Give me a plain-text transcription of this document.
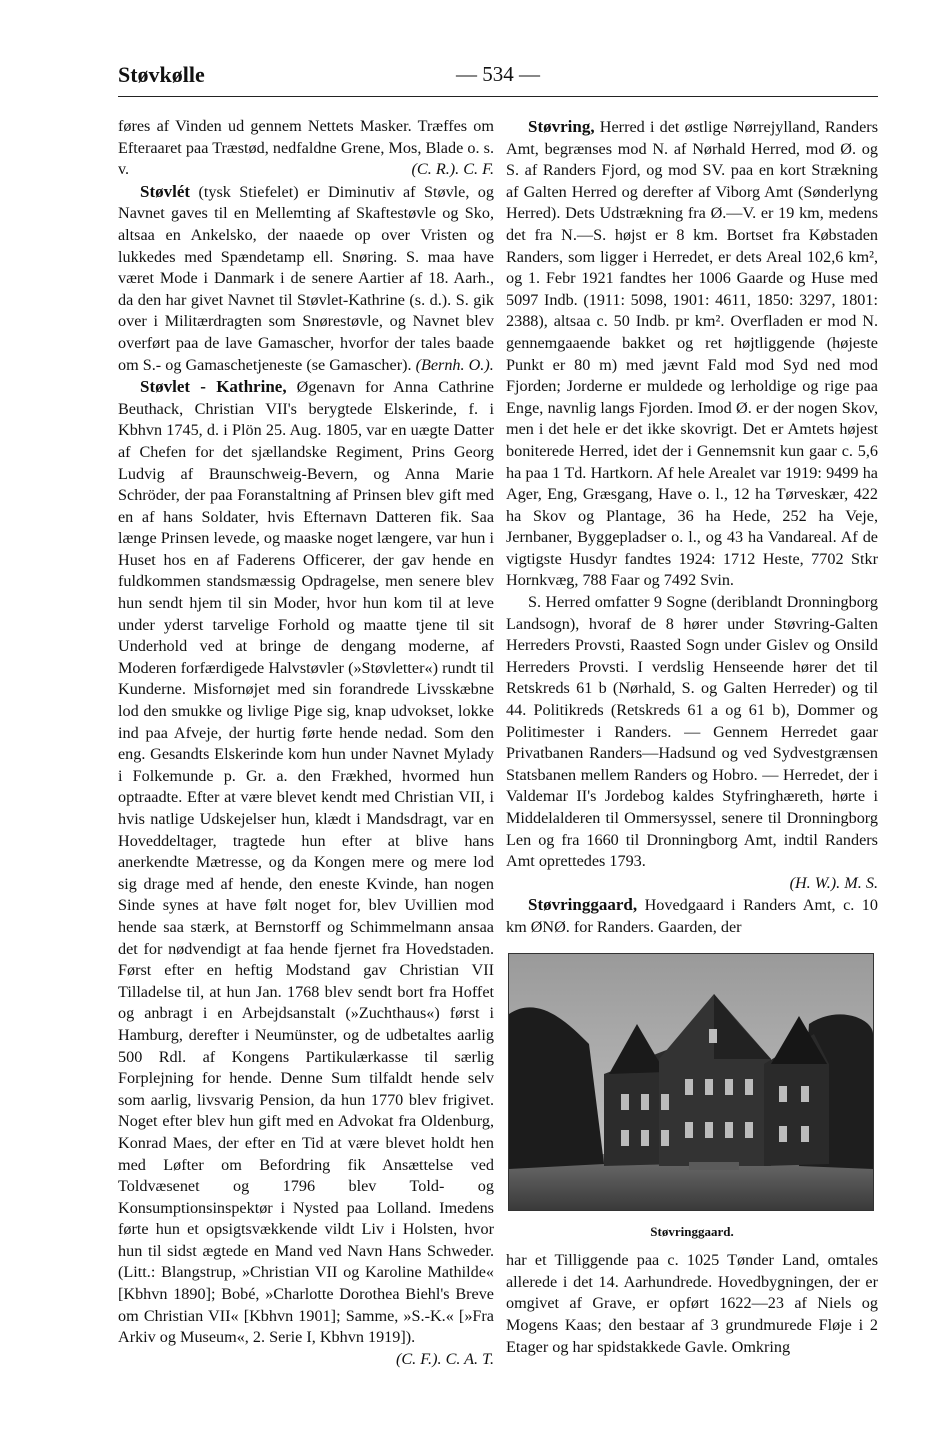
Støvkølle	— 534 —

føres af Vinden ud gennem Nettets Masker. Træffes om Efteraaret paa Træstød, nedfaldne Grene, Mos, Blade o. s. v.	(C. R.). C. F.

Støvlét (tysk Stiefelet) er Diminutiv af Støvle, og Navnet gaves til en Mellemting af Skaftestøvle og Sko, altsaa en Ankelsko, der naaede op over Vristen og lukkedes med Spændetamp ell. Snøring. S. maa have været Mode i Danmark i de senere Aartier af 18. Aarh., da den har givet Navnet til Støvlet-Kathrine (s. d.). S. gik over i Militærdragten som Snørestøvle, og Navnet blev overført paa de lave Gamascher, hvorfor der tales baade om S.- og Gamaschetjeneste (se Gamascher). (Bernh. O.).

Støvlet - Kathrine, Øgenavn for Anna Cathrine Beuthack, Christian VII's berygtede Elskerinde, f. i Kbhvn 1745, d. i Plön 25. Aug. 1805, var en uægte Datter af Chefen for det sjællandske Regiment, Prins Georg Ludvig af Braunschweig-Bevern, og Anna Marie Schröder, der paa Foranstaltning af Prinsen blev gift med en af hans Soldater, hvis Efternavn Datteren fik. Saa længe Prinsen levede, og maaske noget længere, var hun i Huset hos en af Faderens Officerer, der gav hende en fuldkommen standsmæssig Opdragelse, men senere blev hun sendt hjem til sin Moder, hvor hun kom til at leve under yderst tarvelige Forhold og maatte tjene til sit Underhold ved at bringe de dengang moderne, af Moderen forfærdigede Halvstøvler (»Støvletter«) rundt til Kunderne. Misfornøjet med sin forandrede Livsskæbne lod den smukke og livlige Pige sig, knap udvokset, lokke ind paa Afveje, der hurtig førte hende nedad. Som den eng. Gesandts Elskerinde kom hun under Navnet Mylady i Folkemunde p. Gr. a. den Frækhed, hvormed hun optraadte. Efter at være blevet kendt med Christian VII, i hvis natlige Udskejelser hun, klædt i Mandsdragt, var en Hoveddeltager, tragtede hun efter at blive hans anerkendte Mætresse, og da Kongen mere og mere lod sig drage med af hende, den eneste Kvinde, han nogen Sinde synes at have følt noget for, blev Uvillien mod hende saa stærk, at Bernstorff og Schimmelmann ansaa det for nødvendigt at faa hende fjernet fra Hovedstaden. Først efter en heftig Modstand gav Christian VII Tilladelse til, at hun Jan. 1768 blev sendt bort fra Hoffet og anbragt i en Arbejdsanstalt (»Zuchthaus«) først i Hamburg, derefter i Neumünster, og de udbetaltes aarlig 500 Rdl. af Kongens Partikulærkasse til særlig Forplejning for hende. Denne Sum tilfaldt hende selv som aarlig, livsvarig Pension, da hun 1770 blev frigivet. Noget efter blev hun gift med en Advokat fra Oldenburg, Konrad Maes, der efter en Tid at være blevet holdt hen med Løfter om Befordring fik Ansættelse ved Toldvæsenet og 1796 blev Told- og Konsumptionsinspektør i Nysted paa Lolland. Imedens førte hun et opsigtsvækkende vildt Liv i Holsten, hvor hun til sidst ægtede en Mand ved Navn Hans Schweder. (Litt.: Blangstrup, »Christian VII og Karoline Mathilde« [Kbhvn 1890]; Bobé, »Charlotte Dorothea Biehl's Breve om Christian VII« [Kbhvn 1901]; Samme, »S.-K.« [»Fra Arkiv og Museum«, 2. Serie I, Kbhvn 1919]).
(C. F.). C. A. T.

Støvring, Herred i det østlige Nørrejylland, Randers Amt, begrænses mod N. af Nørhald Herred, mod Ø. og S. af Randers Fjord, og mod SV. paa en kort Strækning af Galten Herred og derefter af Viborg Amt (Sønderlyng Herred). Dets Udstrækning fra Ø.—V. er 19 km, medens det fra N.—S. højst er 8 km. Bortset fra Købstaden Randers, som ligger i Herredet, er dets Areal 102,6 km², og 1. Febr 1921 fandtes her 1006 Gaarde og Huse med 5097 Indb. (1911: 5098, 1901: 4611, 1850: 3297, 1801: 2388), altsaa c. 50 Indb. pr km². Overfladen er mod N. gennemgaaende bakket og ret højtliggende (højeste Punkt er 80 m) med jævnt Fald mod Syd ned mod Fjorden; Jorderne er muldede og lerholdige og rige paa Enge, navnlig langs Fjorden. Imod Ø. er der nogen Skov, men i det hele er det ikke skovrigt. Det er Amtets højest boniterede Herred, idet der i Gennemsnit kun gaar c. 5,6 ha paa 1 Td. Hartkorn. Af hele Arealet var 1919: 9499 ha Ager, Eng, Græsgang, Have o. l., 12 ha Tørveskær, 422 ha Skov og Plantage, 36 ha Hede, 252 ha Veje, Jernbaner, Byggepladser o. l., og 43 ha Vandareal. Af de vigtigste Husdyr fandtes 1924: 1712 Heste, 7702 Stkr Hornkvæg, 788 Faar og 7492 Svin.

S. Herred omfatter 9 Sogne (deriblandt Dronningborg Landsogn), hvoraf de 8 hører under Støvring-Galten Herreders Provsti, Raasted Sogn under Gislev og Onsild Herreders Provsti. I verdslig Henseende hører det til Retskreds 61 b (Nørhald, S. og Galten Herreder) og til 44. Politikreds (Retskreds 61 a og 61 b), Dommer og Politimester i Randers. — Gennem Herredet gaar Privatbanen Randers—Hadsund og ved Sydvestgrænsen Statsbanen mellem Randers og Hobro. — Herredet, der i Valdemar II's Jordebog kaldes Styfringhæreth, hørte i Middelalderen til Ommersyssel, senere til Dronningborg Len og fra 1660 til Dronningborg Amt, indtil Randers Amt oprettedes 1793.

(H. W.). M. S.

Støvringgaard, Hovedgaard i Randers Amt, c. 10 km ØNØ. for Randers. Gaarden, der

Støvringgaard.

har et Tilliggende paa c. 1025 Tønder Land, omtales allerede i det 14. Aarhundrede. Hovedbygningen, der er omgivet af Grave, er opført 1622—23 af Niels og Mogens Kaas; den bestaar af 3 grundmurede Fløje i 2 Etager og har spidstakkede Gavle. Omkring
